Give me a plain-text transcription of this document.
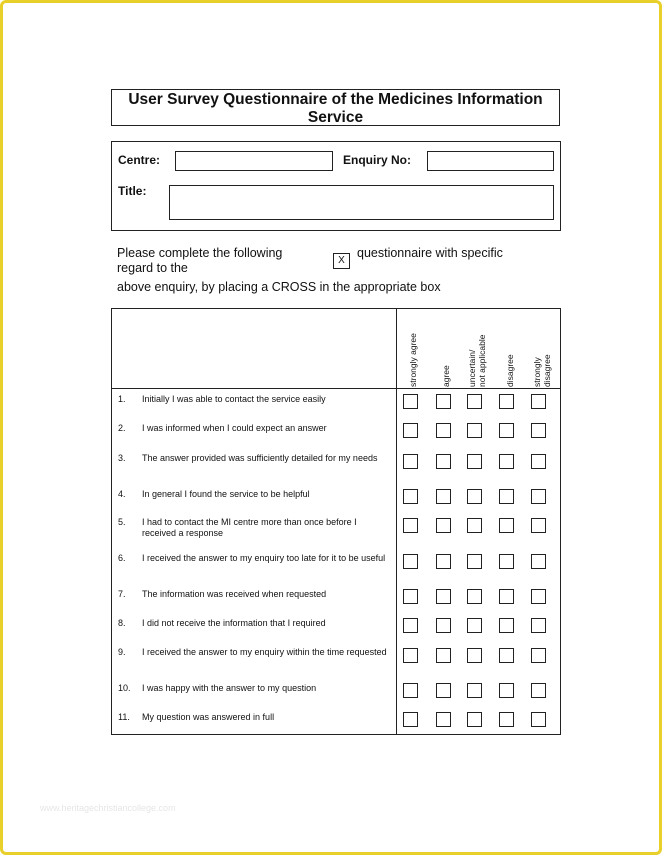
User Survey Questionnaire of the Medicines Information Service
Centre:	Enquiry No:
Title:
Please complete the following
regard to the
X
questionnaire with specific
above enquiry, by placing a CROSS in the appropriate box
strongly agree	agree uncertain/ not applicable disagree strongly disagree
1. Initially I was able to contact the service easily
2. I was informed when I could expect an answer
3. The answer provided was sufficiently detailed for my needs
4. In general I found the service to be helpful
5. I had to contact the MI centre more than once before I received a response
6. I received the answer to my enquiry too late for it to be useful
7. The information was received when requested
8. I did not receive the information that I required
9. I received the answer to my enquiry within the time requested
10. I was happy with the answer to my question
11. My question was answered in full
www.heritagechristiancollege.com
